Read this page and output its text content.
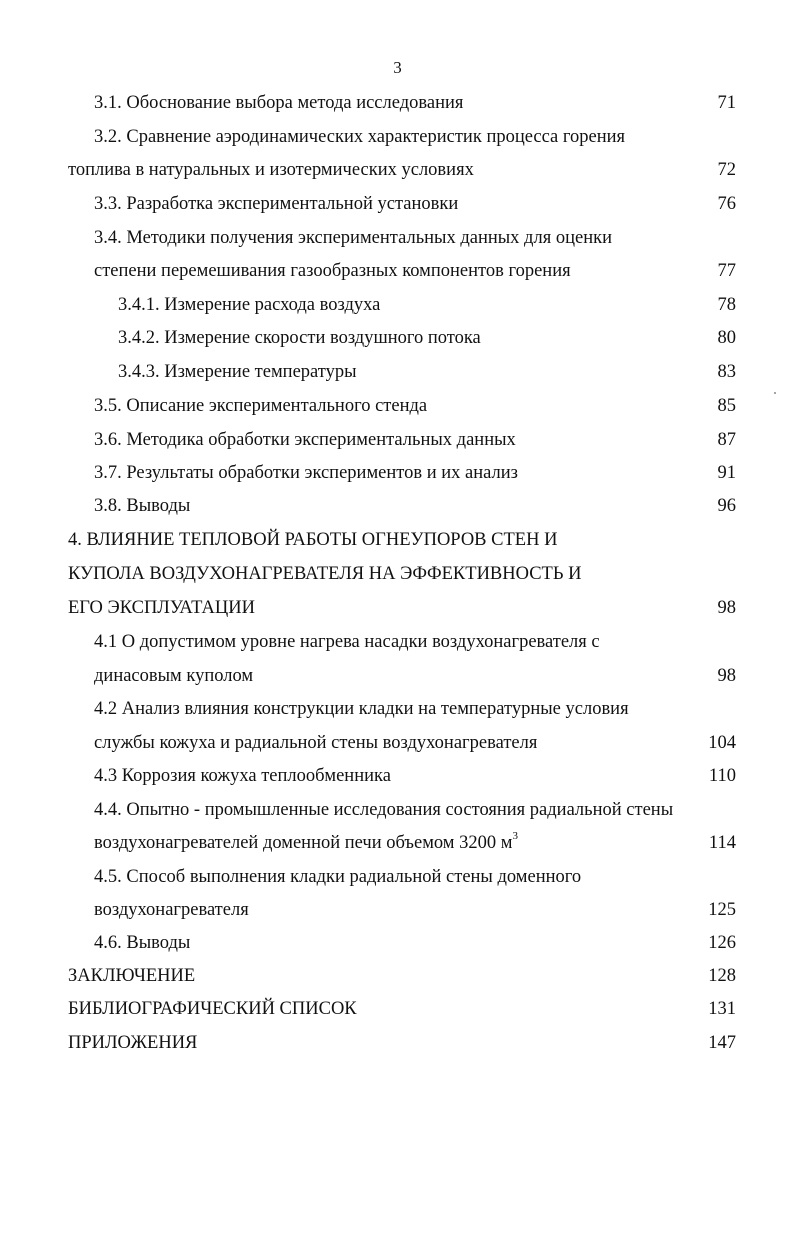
3
3.1. Обоснование выбора метода исследования	71
3.2. Сравнение аэродинамических характеристик процесса горения
топлива в натуральных и изотермических условиях	72
3.3. Разработка экспериментальной установки	76
3.4. Методики получения экспериментальных данных для оценки
степени перемешивания газообразных компонентов горения	77
3.4.1. Измерение расхода воздуха	78
3.4.2. Измерение скорости воздушного потока	80
3.4.3. Измерение температуры	83
3.5. Описание экспериментального стенда	85
3.6. Методика обработки экспериментальных данных	87
3.7. Результаты обработки экспериментов и их анализ	91
3.8. Выводы	96
4. ВЛИЯНИЕ ТЕПЛОВОЙ РАБОТЫ ОГНЕУПОРОВ СТЕН И
КУПОЛА ВОЗДУХОНАГРЕВАТЕЛЯ НА ЭФФЕКТИВНОСТЬ И
ЕГО ЭКСПЛУАТАЦИИ	98
4.1 О допустимом уровне нагрева насадки воздухонагревателя с
динасовым куполом	98
4.2 Анализ влияния конструкции кладки на температурные условия
службы кожуха и радиальной стены воздухонагревателя	104
4.3 Коррозия кожуха теплообменника	110
4.4. Опытно - промышленные исследования состояния радиальной стены
воздухонагревателей доменной печи объемом 3200 $м^3$	114
4.5. Способ выполнения кладки радиальной стены доменного
воздухонагревателя	125
4.6. Выводы	126
ЗАКЛЮЧЕНИЕ	128
БИБЛИОГРАФИЧЕСКИЙ СПИСОК	131
ПРИЛОЖЕНИЯ	147
